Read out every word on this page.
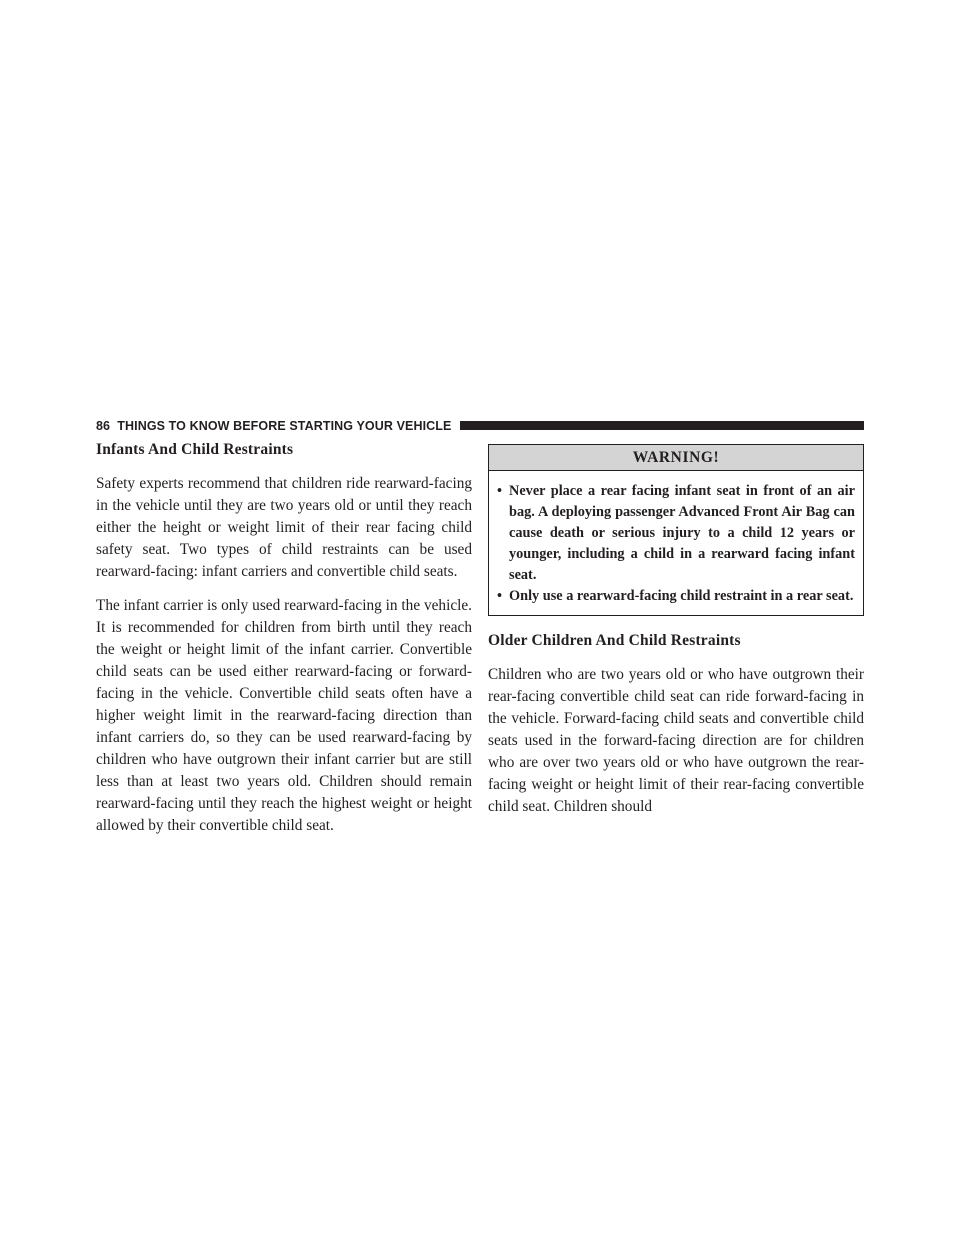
86 THINGS TO KNOW BEFORE STARTING YOUR VEHICLE
Infants And Child Restraints

Safety experts recommend that children ride rearward-facing in the vehicle until they are two years old or until they reach either the height or weight limit of their rear facing child safety seat. Two types of child restraints can be used rearward-facing: infant carriers and convertible child seats.

The infant carrier is only used rearward-facing in the vehicle. It is recommended for children from birth until they reach the weight or height limit of the infant carrier. Convertible child seats can be used either rearward-facing or forward-facing in the vehicle. Convertible child seats often have a higher weight limit in the rearward-facing direction than infant carriers do, so they can be used rearward-facing by children who have outgrown their infant carrier but are still less than at least two years old. Children should remain rearward-facing until they reach the highest weight or height allowed by their convertible child seat.

WARNING!
• Never place a rear facing infant seat in front of an air bag. A deploying passenger Advanced Front Air Bag can cause death or serious injury to a child 12 years or younger, including a child in a rearward facing infant seat.
• Only use a rearward-facing child restraint in a rear seat.
Older Children And Child Restraints

Children who are two years old or who have outgrown their rear-facing convertible child seat can ride forward-facing in the vehicle. Forward-facing child seats and convertible child seats used in the forward-facing direction are for children who are over two years old or who have outgrown the rear-facing weight or height limit of their rear-facing convertible child seat. Children should
